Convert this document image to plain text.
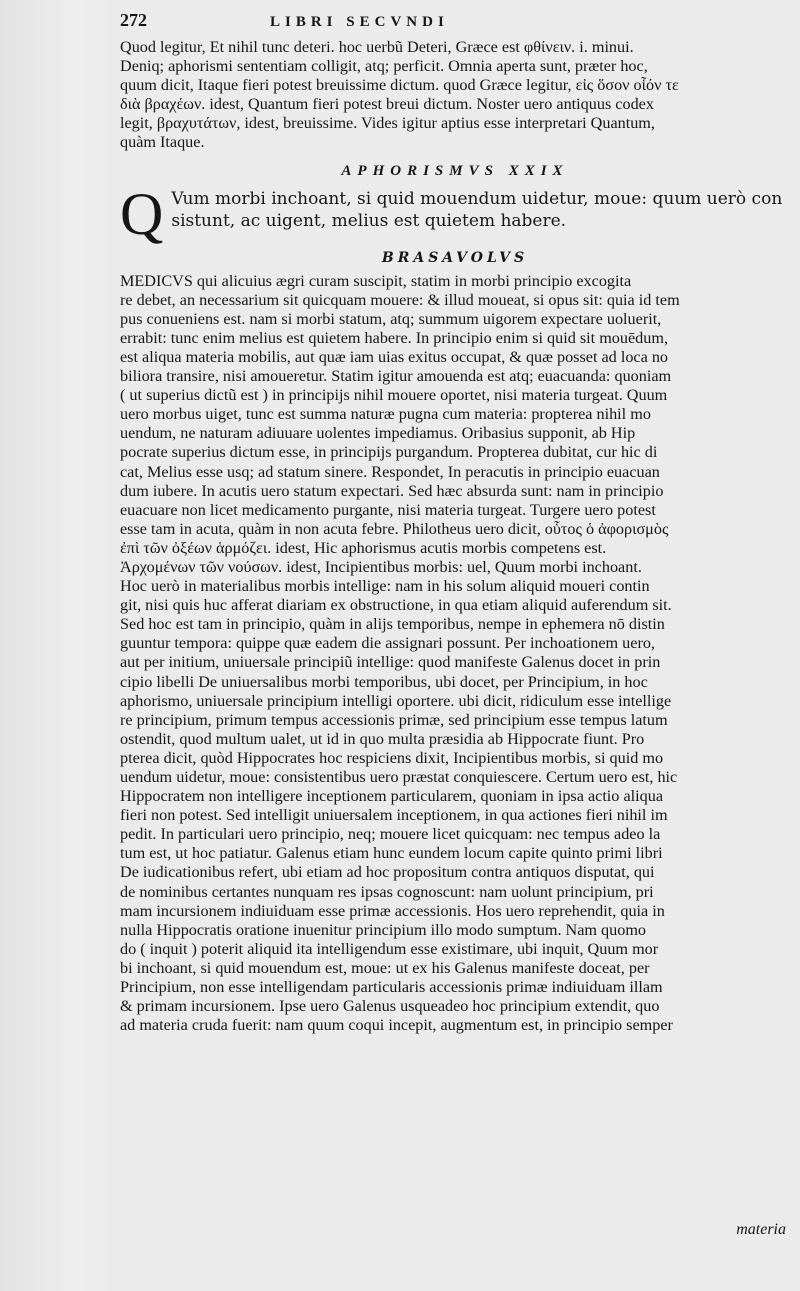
272	LIBRI SECVNDI
Quod legitur, Et nihil tunc deteri. hoc uerbũ Deteri, Græce est φθίνειν. i. minui.
Deniq; aphorismi sententiam colligit, atq; perficit. Omnia aperta sunt, præter hoc,
quum dicit, Itaque fieri potest breuissime dictum. quod Græce legitur, εἰς ὅσον οἷόν τε
διὰ βραχέων. idest, Quantum fieri potest breui dictum. Noster uero antiquus codex
legit, βραχυτάτων, idest, breuissime. Vides igitur aptius esse interpretari Quantum,
quàm Itaque.
APHORISMVS XXIX
Q Vum morbi inchoant, si quid mouendum uidetur, moue: quum uerò con
sistunt, ac uigent, melius est quietem habere.
BRASAVOLVS
MEDICVS qui alicuius ægri curam suscipit, statim in morbi principio excogita
re debet, an necessarium sit quicquam mouere: & illud moueat, si opus sit: quia id tem
pus conueniens est. nam si morbi statum, atq; summum uigorem expectare uoluerit,
errabit: tunc enim melius est quietem habere. In principio enim si quid sit mouēdum,
est aliqua materia mobilis, aut quæ iam uias exitus occupat, & quæ posset ad loca no
biliora transire, nisi amoueretur. Statim igitur amouenda est atq; euacuanda: quoniam
( ut superius dictũ est ) in principijs nihil mouere oportet, nisi materia turgeat. Quum
uero morbus uiget, tunc est summa naturæ pugna cum materia: propterea nihil mo
uendum, ne naturam adiuuare uolentes impediamus. Oribasius supponit, ab Hip
pocrate superius dictum esse, in principijs purgandum. Propterea dubitat, cur hic di
cat, Melius esse usq; ad statum sinere. Respondet, In peracutis in principio euacuan
dum iubere. In acutis uero statum expectari. Sed hæc absurda sunt: nam in principio
euacuare non licet medicamento purgante, nisi materia turgeat. Turgere uero potest
esse tam in acuta, quàm in non acuta febre. Philotheus uero dicit, οὗτος ὁ ἀφορισμὸς
ἐπὶ τῶν ὀξέων ἁρμόζει. idest, Hic aphorismus acutis morbis competens est.
Ἀρχομένων τῶν νούσων. idest, Incipientibus morbis: uel, Quum morbi inchoant.
Hoc uerò in materialibus morbis intellige: nam in his solum aliquid moueri contin
git, nisi quis huc afferat diariam ex obstructione, in qua etiam aliquid auferendum sit.
Sed hoc est tam in principio, quàm in alijs temporibus, nempe in ephemera nō distin
guuntur tempora: quippe quæ eadem die assignari possunt. Per inchoationem uero,
aut per initium, uniuersale principiũ intellige: quod manifeste Galenus docet in prin
cipio libelli De uniuersalibus morbi temporibus, ubi docet, per Principium, in hoc
aphorismo, uniuersale principium intelligi oportere. ubi dicit, ridiculum esse intellige
re principium, primum tempus accessionis primæ, sed principium esse tempus latum
ostendit, quod multum ualet, ut id in quo multa præsidia ab Hippocrate fiunt. Pro
pterea dicit, quòd Hippocrates hoc respiciens dixit, Incipientibus morbis, si quid mo
uendum uidetur, moue: consistentibus uero præstat conquiescere. Certum uero est, hic
Hippocratem non intelligere inceptionem particularem, quoniam in ipsa actio aliqua
fieri non potest. Sed intelligit uniuersalem inceptionem, in qua actiones fieri nihil im
pedit. In particulari uero principio, neq; mouere licet quicquam: nec tempus adeo la
tum est, ut hoc patiatur. Galenus etiam hunc eundem locum capite quinto primi libri
De iudicationibus refert, ubi etiam ad hoc propositum contra antiquos disputat, qui
de nominibus certantes nunquam res ipsas cognoscunt: nam uolunt principium, pri
mam incursionem indiuiduam esse primæ accessionis. Hos uero reprehendit, quia in
nulla Hippocratis oratione inuenitur principium illo modo sumptum. Nam quomo
do ( inquit ) poterit aliquid ita intelligendum esse existimare, ubi inquit, Quum mor
bi inchoant, si quid mouendum est, moue: ut ex his Galenus manifeste doceat, per
Principium, non esse intelligendam particularis accessionis primæ indiuiduam illam
& primam incursionem. Ipse uero Galenus usqueadeo hoc principium extendit, quo
ad materia cruda fuerit: nam quum coqui incepit, augmentum est, in principio semper
materia
